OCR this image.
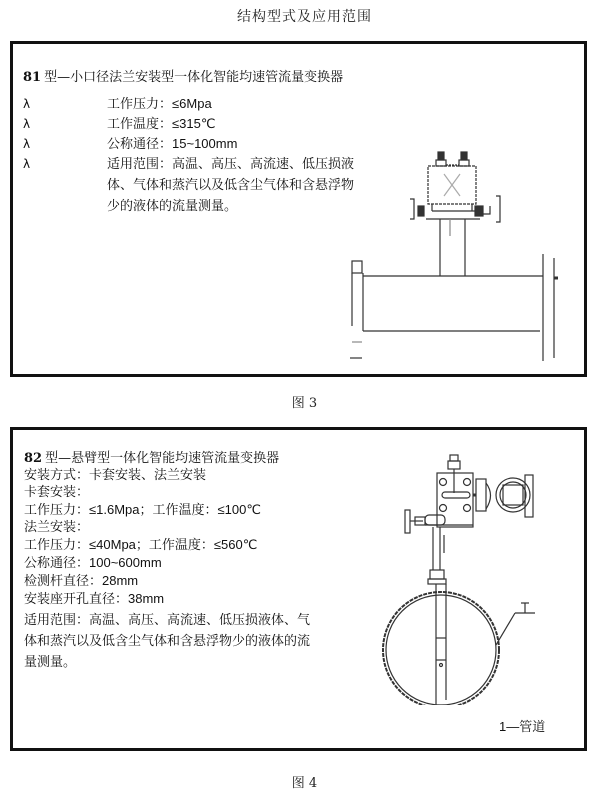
结构型式及应用范围
81 型—小口径法兰安装型一体化智能均速管流量变换器
λ	工作压力：≤6Mpa
λ	工作温度：≤315℃
λ	公称通径：15~100mm
λ	适用范围：高温、高压、高流速、低压损液体、气体和蒸汽以及低含尘气体和含悬浮物少的液体的流量测量。
图 3
82 型—悬臂型一体化智能均速管流量变换器
安装方式：卡套安装、法兰安装
卡套安装：
工作压力：≤1.6Mpa；工作温度：≤100℃
法兰安装：
工作压力：≤40Mpa；工作温度：≤560℃
公称通径：100~600mm
检测杆直径：28mm
安装座开孔直径：38mm
适用范围：高温、高压、高流速、低压损液体、气体和蒸汽以及低含尘气体和含悬浮物少的液体的流量测量。
1—管道
图 4
